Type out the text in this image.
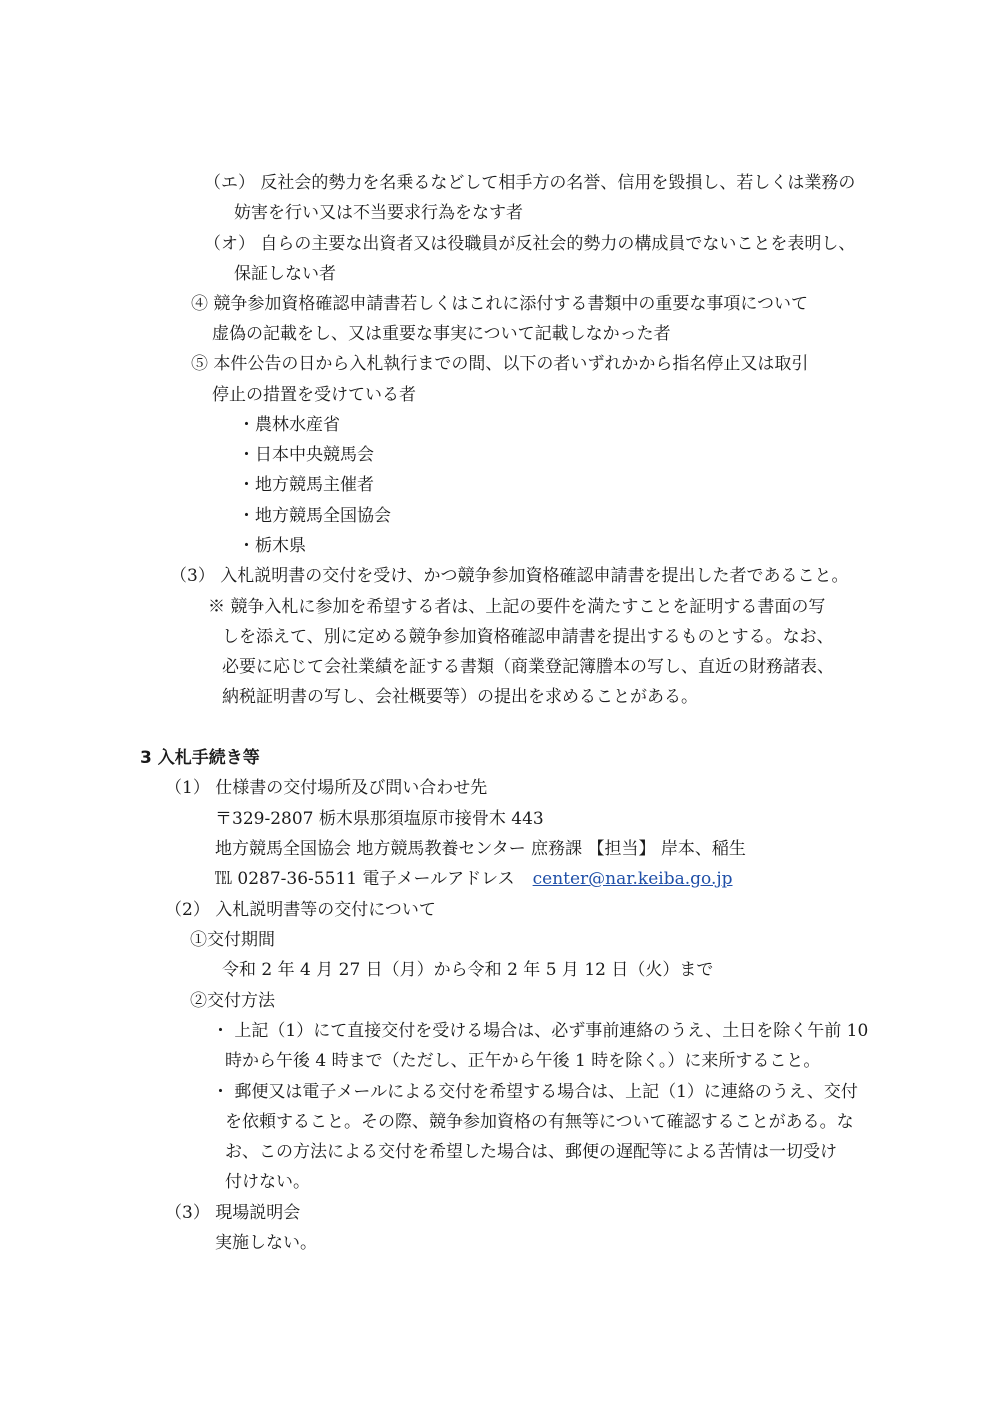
（エ） 反社会的勢力を名乗るなどして相手方の名誉、信用を毀損し、若しくは業務の
妨害を行い又は不当要求行為をなす者
（オ） 自らの主要な出資者又は役職員が反社会的勢力の構成員でないことを表明し、
保証しない者
④ 競争参加資格確認申請書若しくはこれに添付する書類中の重要な事項について
虚偽の記載をし、又は重要な事実について記載しなかった者
⑤ 本件公告の日から入札執行までの間、以下の者いずれかから指名停止又は取引
停止の措置を受けている者
・農林水産省
・日本中央競馬会
・地方競馬主催者
・地方競馬全国協会
・栃木県
（3） 入札説明書の交付を受け、かつ競争参加資格確認申請書を提出した者であること。
※ 競争入札に参加を希望する者は、上記の要件を満たすことを証明する書面の写
しを添えて、別に定める競争参加資格確認申請書を提出するものとする。なお、
必要に応じて会社業績を証する書類（商業登記簿謄本の写し、直近の財務諸表、
納税証明書の写し、会社概要等）の提出を求めることがある。
3 入札手続き等
（1） 仕様書の交付場所及び問い合わせ先
〒329-2807 栃木県那須塩原市接骨木 443
地方競馬全国協会 地方競馬教養センター 庶務課 【担当】 岸本、稲生
℡ 0287-36-5511 電子メールアドレス center@nar.keiba.go.jp
（2） 入札説明書等の交付について
①交付期間
令和 2 年 4 月 27 日（月）から令和 2 年 5 月 12 日（火）まで
②交付方法
・ 上記（1）にて直接交付を受ける場合は、必ず事前連絡のうえ、土日を除く午前 10
時から午後 4 時まで（ただし、正午から午後 1 時を除く。）に来所すること。
・ 郵便又は電子メールによる交付を希望する場合は、上記（1）に連絡のうえ、交付
を依頼すること。その際、競争参加資格の有無等について確認することがある。な
お、この方法による交付を希望した場合は、郵便の遅配等による苦情は一切受け
付けない。
（3） 現場説明会
実施しない。
